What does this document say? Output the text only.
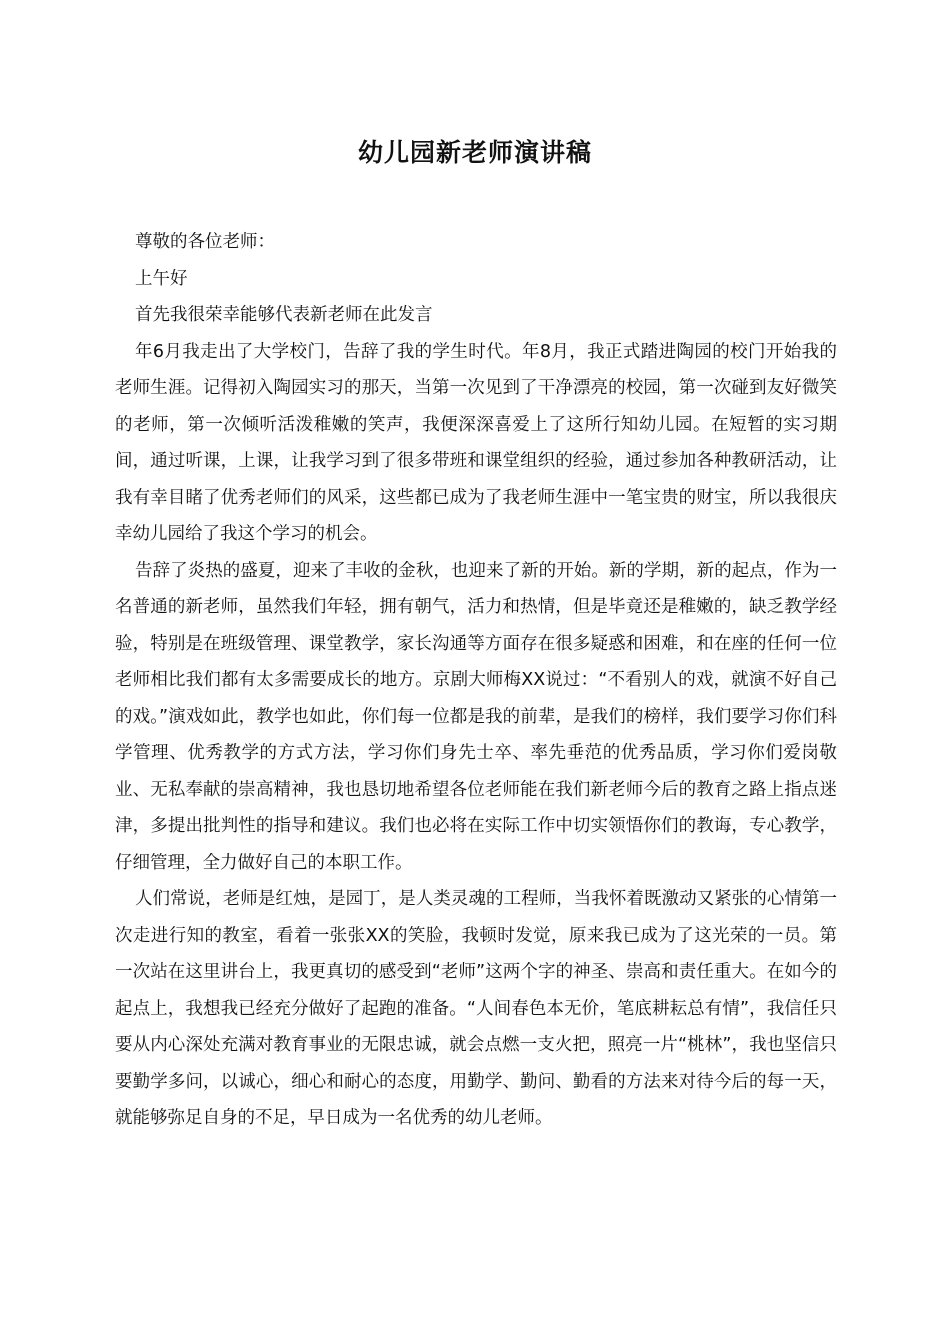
幼儿园新老师演讲稿

尊敬的各位老师：

上午好

首先我很荣幸能够代表新老师在此发言

年6月我走出了大学校门，告辞了我的学生时代。年8月，我正式踏进陶园的校门开始我的老师生涯。记得初入陶园实习的那天，当第一次见到了干净漂亮的校园，第一次碰到友好微笑的老师，第一次倾听活泼稚嫩的笑声，我便深深喜爱上了这所行知幼儿园。在短暂的实习期间，通过听课，上课，让我学习到了很多带班和课堂组织的经验，通过参加各种教研活动，让我有幸目睹了优秀老师们的风采，这些都已成为了我老师生涯中一笔宝贵的财宝，所以我很庆幸幼儿园给了我这个学习的机会。

告辞了炎热的盛夏，迎来了丰收的金秋，也迎来了新的开始。新的学期，新的起点，作为一名普通的新老师，虽然我们年轻，拥有朝气，活力和热情，但是毕竟还是稚嫩的，缺乏教学经验，特别是在班级管理、课堂教学，家长沟通等方面存在很多疑惑和困难，和在座的任何一位老师相比我们都有太多需要成长的地方。京剧大师梅XX说过：“不看别人的戏，就演不好自己的戏。”演戏如此，教学也如此，你们每一位都是我的前辈，是我们的榜样，我们要学习你们科学管理、优秀教学的方式方法，学习你们身先士卒、率先垂范的优秀品质，学习你们爱岗敬业、无私奉献的崇高精神，我也恳切地希望各位老师能在我们新老师今后的教育之路上指点迷津，多提出批判性的指导和建议。我们也必将在实际工作中切实领悟你们的教诲，专心教学，仔细管理，全力做好自己的本职工作。

人们常说，老师是红烛，是园丁，是人类灵魂的工程师，当我怀着既激动又紧张的心情第一次走进行知的教室，看着一张张XX的笑脸，我顿时发觉，原来我已成为了这光荣的一员。第一次站在这里讲台上，我更真切的感受到“老师”这两个字的神圣、崇高和责任重大。在如今的起点上，我想我已经充分做好了起跑的准备。“人间春色本无价，笔底耕耘总有情”，我信任只要从内心深处充满对教育事业的无限忠诚，就会点燃一支火把，照亮一片“桃林”，我也坚信只要勤学多问，以诚心，细心和耐心的态度，用勤学、勤问、勤看的方法来对待今后的每一天，就能够弥足自身的不足，早日成为一名优秀的幼儿老师。
